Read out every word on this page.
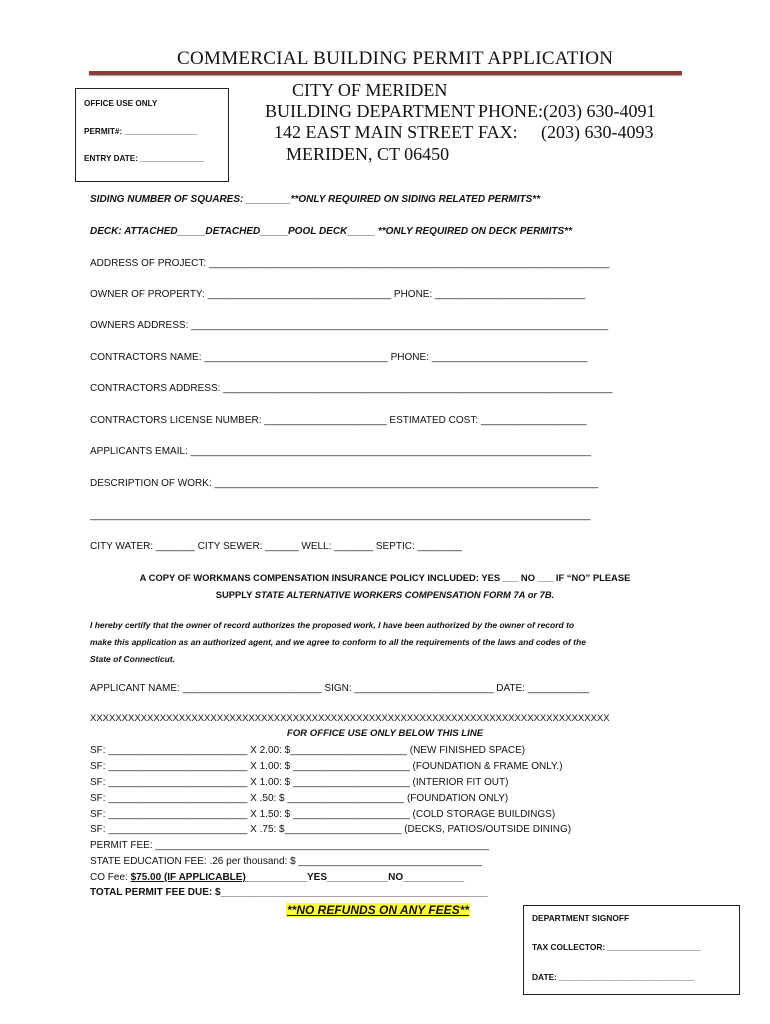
COMMERCIAL BUILDING PERMIT APPLICATION
OFFICE USE ONLY
PERMIT#: ________________
ENTRY DATE: ______________
CITY OF MERIDEN
BUILDING DEPARTMENT
142 EAST MAIN STREET
MERIDEN, CT 06450
PHONE: (203) 630-4091
FAX: (203) 630-4093
SIDING NUMBER OF SQUARES: ________**ONLY REQUIRED ON SIDING RELATED PERMITS**
DECK: ATTACHED_____DETACHED_____POOL DECK_____ **ONLY REQUIRED ON DECK PERMITS**
ADDRESS OF PROJECT: ________________________________________________________________________
OWNER OF PROPERTY: _________________________________ PHONE: ___________________________
OWNERS ADDRESS: ___________________________________________________________________________
CONTRACTORS NAME: _________________________________ PHONE: ____________________________
CONTRACTORS ADDRESS: ______________________________________________________________________
CONTRACTORS LICENSE NUMBER: ______________________ ESTIMATED COST: ___________________
APPLICANTS EMAIL: ________________________________________________________________________
DESCRIPTION OF WORK: _____________________________________________________________________
__________________________________________________________________________________________
CITY WATER: _______ CITY SEWER: ______ WELL: _______ SEPTIC: ________
A COPY OF WORKMANS COMPENSATION INSURANCE POLICY INCLUDED: YES ___ NO ___ IF “NO” PLEASE
SUPPLY STATE ALTERNATIVE WORKERS COMPENSATION FORM 7A or 7B.
I hereby certify that the owner of record authorizes the proposed work, I have been authorized by the owner of record to
make this application as an authorized agent, and we agree to conform to all the requirements of the laws and codes of the
State of Connecticut.
APPLICANT NAME: _________________________ SIGN: _________________________ DATE: ___________
XXXXXXXXXXXXXXXXXXXXXXXXXXXXXXXXXXXXXXXXXXXXXXXXXXXXXXXXXXXXXXXXXXXXXXXXXXXXXXXXXX
FOR OFFICE USE ONLY BELOW THIS LINE
SF: _________________________ X 2.00: $_____________________ (NEW FINISHED SPACE)
SF: _________________________ X 1.00: $ _____________________ (FOUNDATION & FRAME ONLY.)
SF: _________________________ X 1.00: $ _____________________ (INTERIOR FIT OUT)
SF: _________________________ X .50: $ _____________________ (FOUNDATION ONLY)
SF: _________________________ X 1.50: $ _____________________ (COLD STORAGE BUILDINGS)
SF: _________________________ X .75: $_____________________ (DECKS, PATIOS/OUTSIDE DINING)
PERMIT FEE: ____________________________________________________________
STATE EDUCATION FEE: .26 per thousand: $ _________________________________
CO Fee: $75.00 (IF APPLICABLE)___________YES___________NO___________
TOTAL PERMIT FEE DUE: $________________________________________________
**NO REFUNDS ON ANY FEES**
DEPARTMENT SIGNOFF
TAX COLLECTOR: ____________________
DATE: _____________________________
